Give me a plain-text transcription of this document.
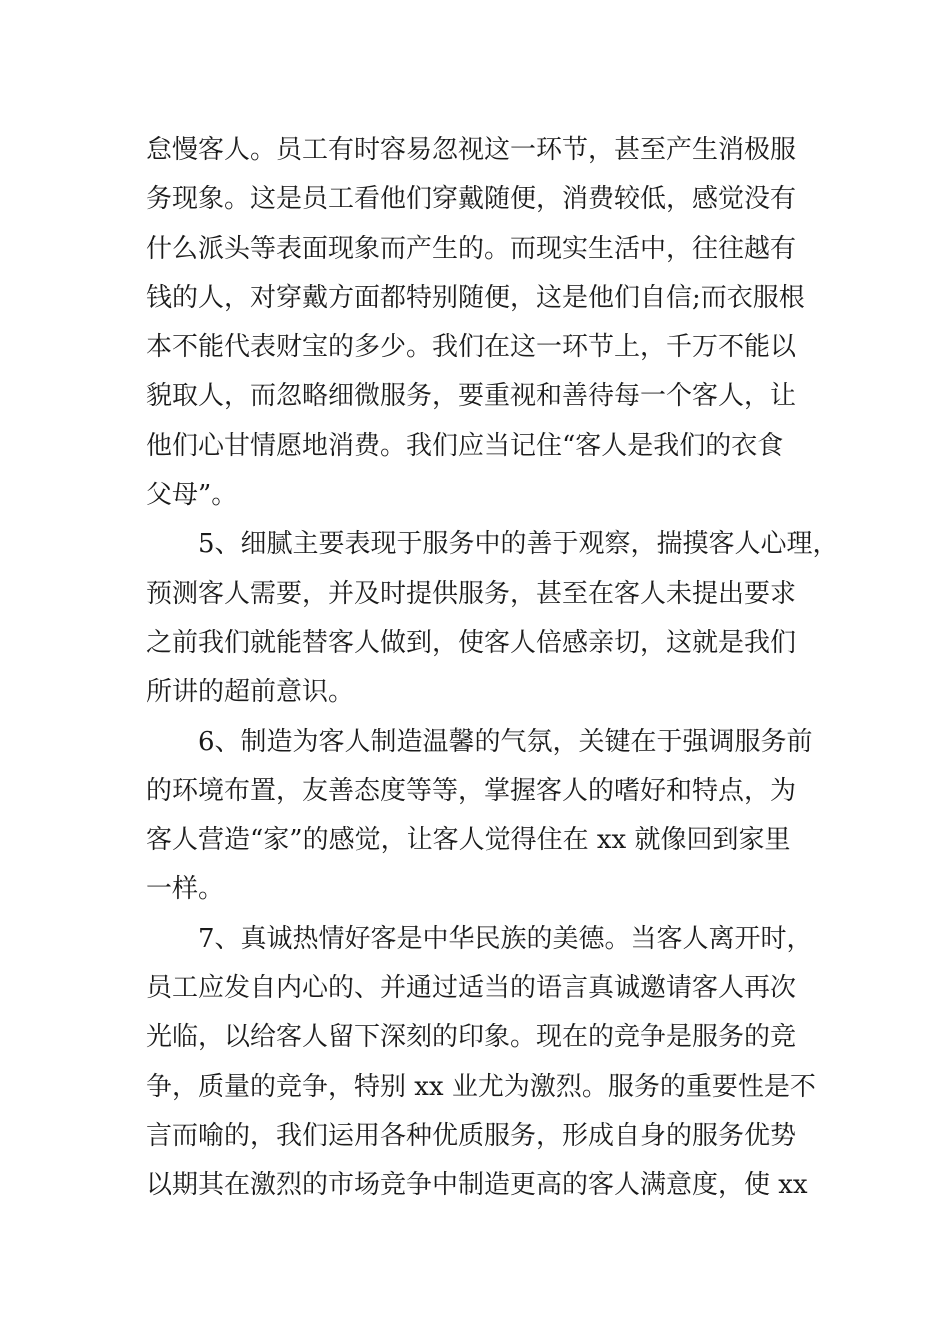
怠慢客人。员工有时容易忽视这一环节，甚至产生消极服
务现象。这是员工看他们穿戴随便，消费较低，感觉没有
什么派头等表面现象而产生的。而现实生活中，往往越有
钱的人，对穿戴方面都特别随便，这是他们自信;而衣服根
本不能代表财宝的多少。我们在这一环节上，千万不能以
貌取人，而忽略细微服务，要重视和善待每一个客人，让
他们心甘情愿地消费。我们应当记住“客人是我们的衣食
父母”。
5、细腻主要表现于服务中的善于观察，揣摸客人心理，
预测客人需要，并及时提供服务，甚至在客人未提出要求
之前我们就能替客人做到，使客人倍感亲切，这就是我们
所讲的超前意识。
6、制造为客人制造温馨的气氛，关键在于强调服务前
的环境布置，友善态度等等，掌握客人的嗜好和特点，为
客人营造“家”的感觉，让客人觉得住在 xx 就像回到家里
一样。
7、真诚热情好客是中华民族的美德。当客人离开时，
员工应发自内心的、并通过适当的语言真诚邀请客人再次
光临，以给客人留下深刻的印象。现在的竞争是服务的竞
争，质量的竞争，特别 xx 业尤为激烈。服务的重要性是不
言而喻的，我们运用各种优质服务，形成自身的服务优势
以期其在激烈的市场竞争中制造更高的客人满意度，使 xx
